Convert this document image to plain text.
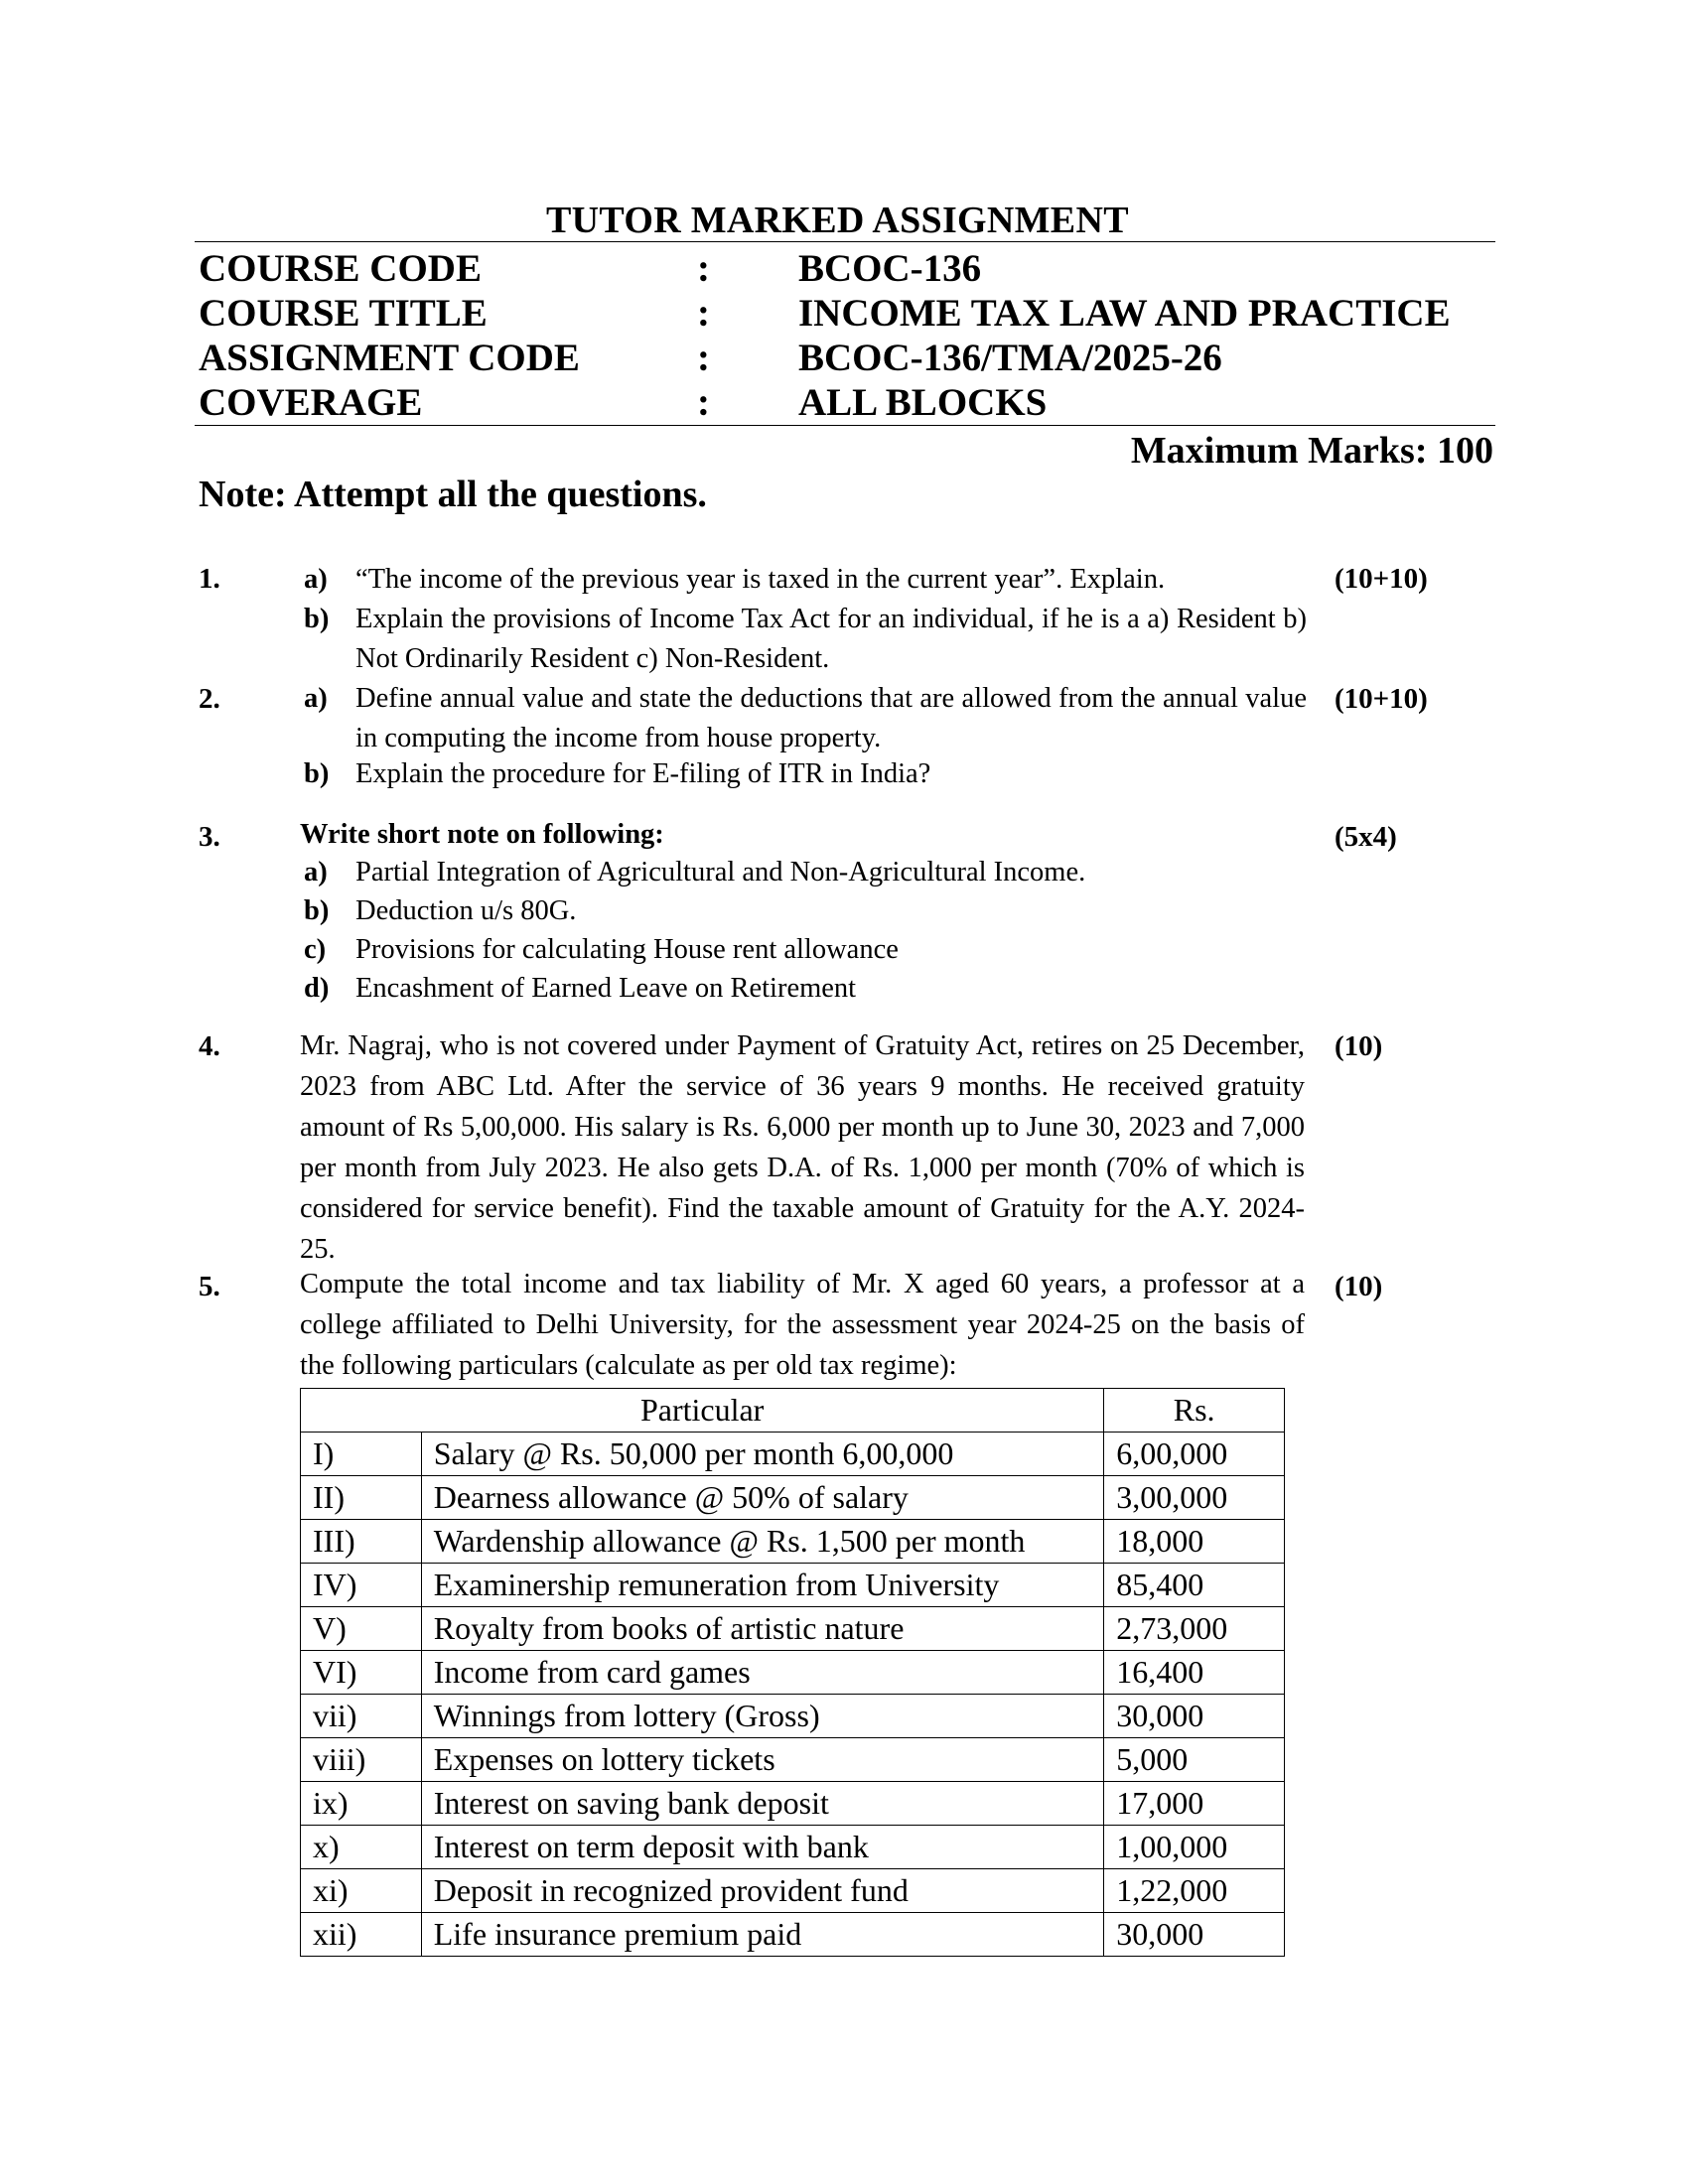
TUTOR MARKED ASSIGNMENT
COURSE CODE	: BCOC-136
COURSE TITLE	: INCOME TAX LAW AND PRACTICE
ASSIGNMENT CODE	: BCOC-136/TMA/2025-26
COVERAGE	: ALL BLOCKS
Maximum Marks: 100
Note: Attempt all the questions.
1.	(10+10)
a) “The income of the previous year is taxed in the current year”. Explain.
b) Explain the provisions of Income Tax Act for an individual, if he is a a) Resident b) Not Ordinarily Resident c) Non-Resident.
2.	(10+10)
a) Define annual value and state the deductions that are allowed from the annual value in computing the income from house property.
b) Explain the procedure for E-filing of ITR in India?
3.	(5x4)
Write short note on following:
a) Partial Integration of Agricultural and Non-Agricultural Income.
b) Deduction u/s 80G.
c) Provisions for calculating House rent allowance
d) Encashment of Earned Leave on Retirement
4.	(10)
Mr. Nagraj, who is not covered under Payment of Gratuity Act, retires on 25 December, 2023 from ABC Ltd. After the service of 36 years 9 months. He received gratuity amount of Rs 5,00,000. His salary is Rs. 6,000 per month up to June 30, 2023 and 7,000 per month from July 2023. He also gets D.A. of Rs. 1,000 per month (70% of which is considered for service benefit). Find the taxable amount of Gratuity for the A.Y. 2024-25.
5.	(10)
Compute the total income and tax liability of Mr. X aged 60 years, a professor at a college affiliated to Delhi University, for the assessment year 2024-25 on the basis of the following particulars (calculate as per old tax regime):
Particular		Rs.
I)	Salary @ Rs. 50,000 per month 6,00,000	6,00,000
II)	Dearness allowance @ 50% of salary	3,00,000
III)	Wardenship allowance @ Rs. 1,500 per month	18,000
IV)	Examinership remuneration from University	85,400
V)	Royalty from books of artistic nature	2,73,000
VI)	Income from card games	16,400
vii)	Winnings from lottery (Gross)	30,000
viii)	Expenses on lottery tickets	5,000
ix)	Interest on saving bank deposit	17,000
x)	Interest on term deposit with bank	1,00,000
xi)	Deposit in recognized provident fund	1,22,000
xii)	Life insurance premium paid	30,000
